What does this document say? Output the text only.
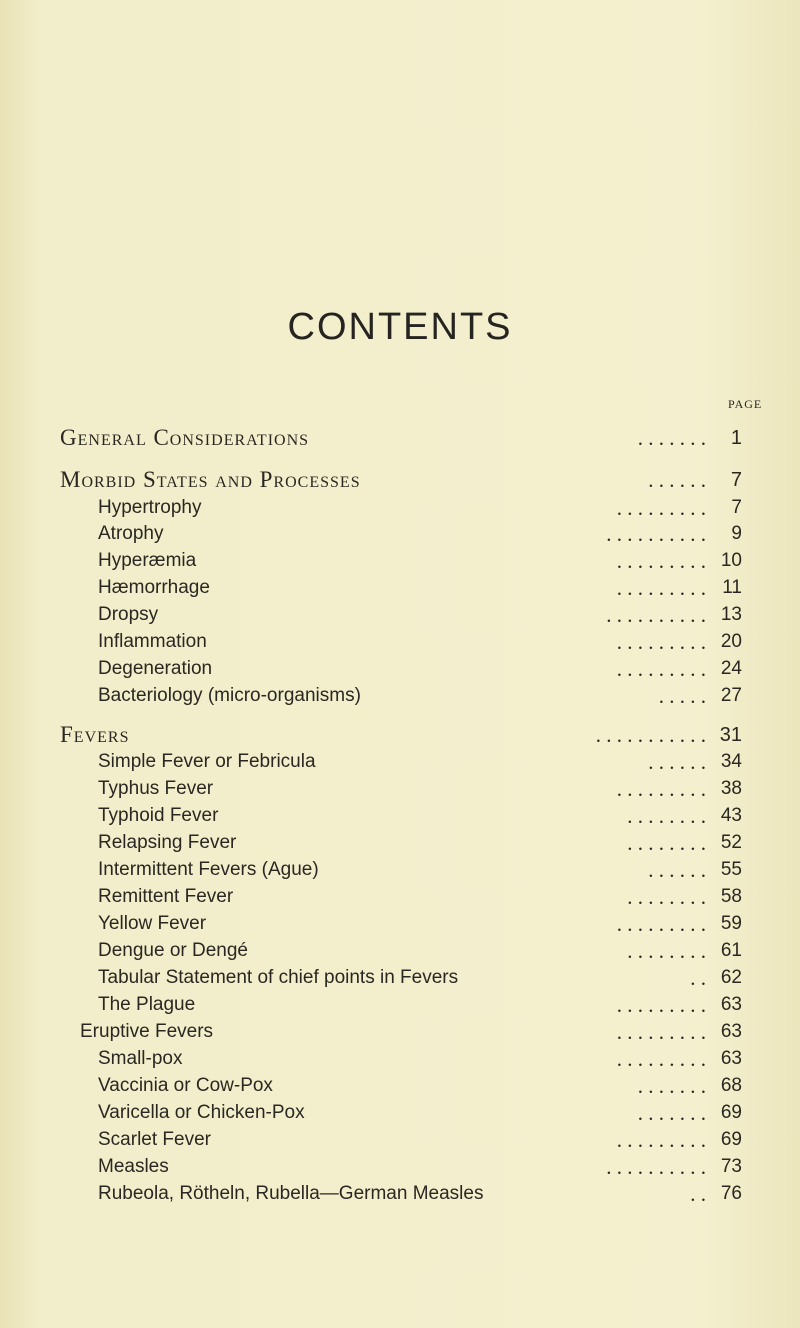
CONTENTS
PAGE
General Considerations	. . . . . . . 1
Morbid States and Processes	. . . . . . 7
Hypertrophy	. . . . . . . . . 7
Atrophy	. . . . . . . . . . 9
Hyperæmia	. . . . . . . . . 10
Hæmorrhage	. . . . . . . . . 11
Dropsy	. . . . . . . . . . 13
Inflammation	. . . . . . . . . 20
Degeneration	. . . . . . . . . 24
Bacteriology (micro-organisms)	. . . . . 27
Fevers	. . . . . . . . . . . 31
Simple Fever or Febricula	. . . . . . 34
Typhus Fever	. . . . . . . . . 38
Typhoid Fever	. . . . . . . . 43
Relapsing Fever	. . . . . . . . 52
Intermittent Fevers (Ague)	. . . . . . 55
Remittent Fever	. . . . . . . . 58
Yellow Fever	. . . . . . . . . 59
Dengue or Dengé	. . . . . . . . 61
Tabular Statement of chief points in Fevers	. . 62
The Plague	. . . . . . . . . 63
Eruptive Fevers	. . . . . . . . . 63
Small-pox	. . . . . . . . . 63
Vaccinia or Cow-Pox	. . . . . . . 68
Varicella or Chicken-Pox	. . . . . . . 69
Scarlet Fever	. . . . . . . . . 69
Measles	. . . . . . . . . . 73
Rubeola, Rötheln, Rubella—German Measles	. . 76
